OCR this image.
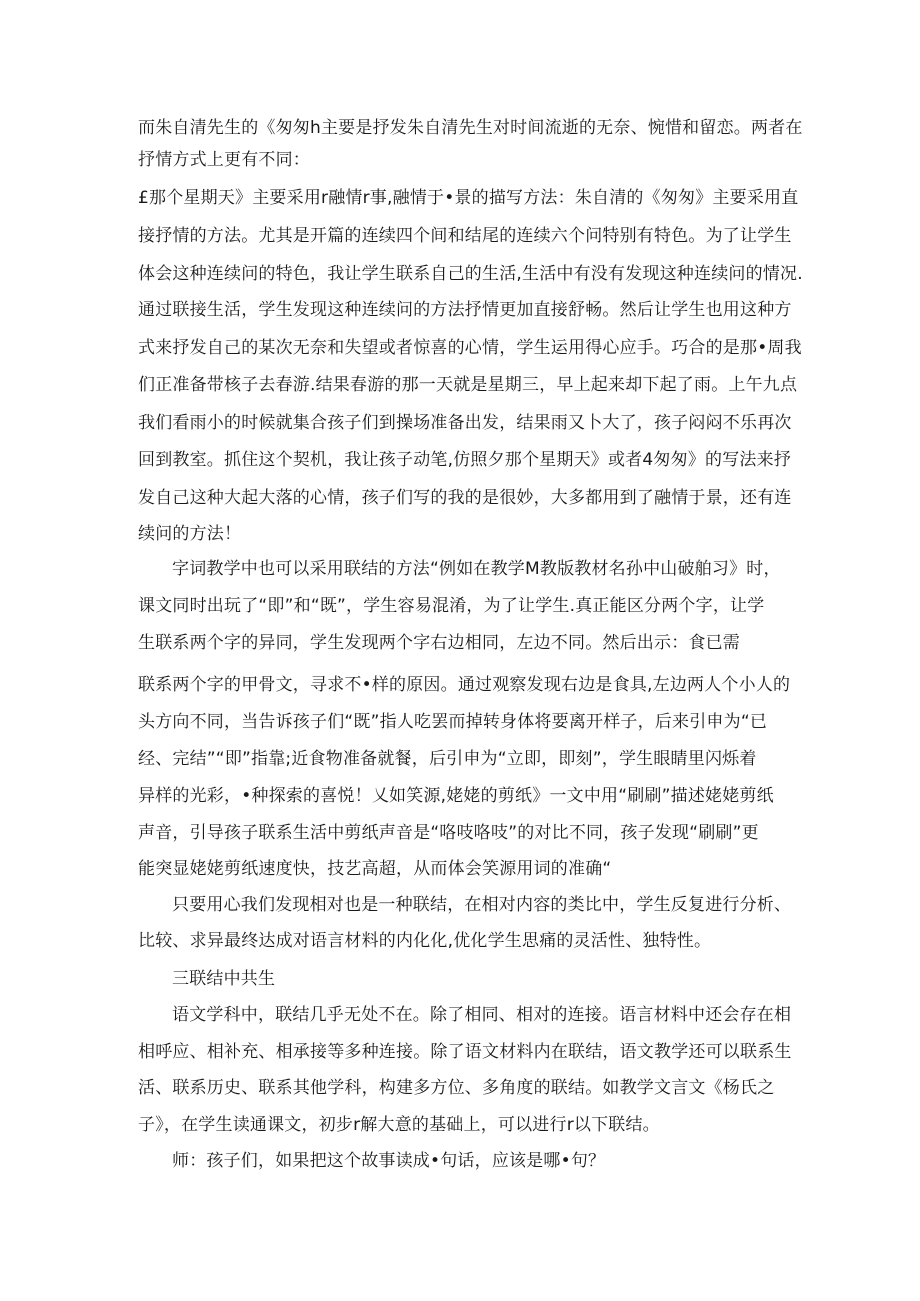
而朱自清先生的《匆匆h主要是抒发朱自清先生对时间流逝的无奈、惋惜和留恋。两者在
抒情方式上更有不同：
£那个星期天》主要采用r融情r事,融情于•景的描写方法：朱自清的《匆匆》主要采用直
接抒情的方法。尤其是开篇的连续四个间和结尾的连续六个问特别有特色。为了让学生
体会这种连续问的特色，我让学生联系自己的生活,生活中有没有发现这种连续问的情况.
通过联接生活，学生发现这种连续问的方法抒情更加直接舒畅。然后让学生也用这种方
式来抒发自己的某次无奈和失望或者惊喜的心情，学生运用得心应手。巧合的是那•周我
们正准备带核子去春游.结果春游的那一天就是星期三，早上起来却下起了雨。上午九点
我们看雨小的时候就集合孩子们到操场准备出发，结果雨又卜大了，孩子闷闷不乐再次
回到教室。抓住这个契机，我让孩子动笔,仿照夕那个星期天》或者4匆匆》的写法来抒
发自己这种大起大落的心情，孩子们写的我的是很妙，大多都用到了融情于景，还有连
续问的方法！
字词教学中也可以采用联结的方法“例如在教学M教版教材名孙中山破舶习》时，
课文同时出玩了“即”和“既”，学生容易混淆，为了让学生.真正能区分两个字，让学
生联系两个字的异同，学生发现两个字右边相同，左边不同。然后出示：食已需
联系两个字的甲骨文，寻求不•样的原因。通过观察发现右边是食具,左边两人个小人的
头方向不同，当告诉孩子们“既”指人吃罢而掉转身体将要离开样子，后来引申为“已
经、完结”“即”指靠;近食物准备就餐，后引申为“立即，即刻”，学生眼睛里闪烁着
异样的光彩，•种探索的喜悦！乂如笑源,姥姥的剪纸》一文中用“刷刷”描述姥姥剪纸
声音，引导孩子联系生活中剪纸声音是“咯吱咯吱”的对比不同，孩子发现“刷刷”更
能突显姥姥剪纸速度快，技艺高超，从而体会笑源用词的准确“
只要用心我们发现相对也是一种联结，在相对内容的类比中，学生反复进行分析、
比较、求异最终达成对语言材料的内化化,优化学生思痛的灵活性、独特性。
三联结中共生
语文学科中，联结几乎无处不在。除了相同、相对的连接。语言材料中还会存在相
相呼应、相补充、相承接等多种连接。除了语文材料内在联结，语文教学还可以联系生
活、联系历史、联系其他学科，构建多方位、多角度的联结。如教学文言文《杨氏之
子》，在学生读通课文，初步r解大意的基础上，可以进行r以下联结。
师：孩子们，如果把这个故事读成•句话，应该是哪•句？
